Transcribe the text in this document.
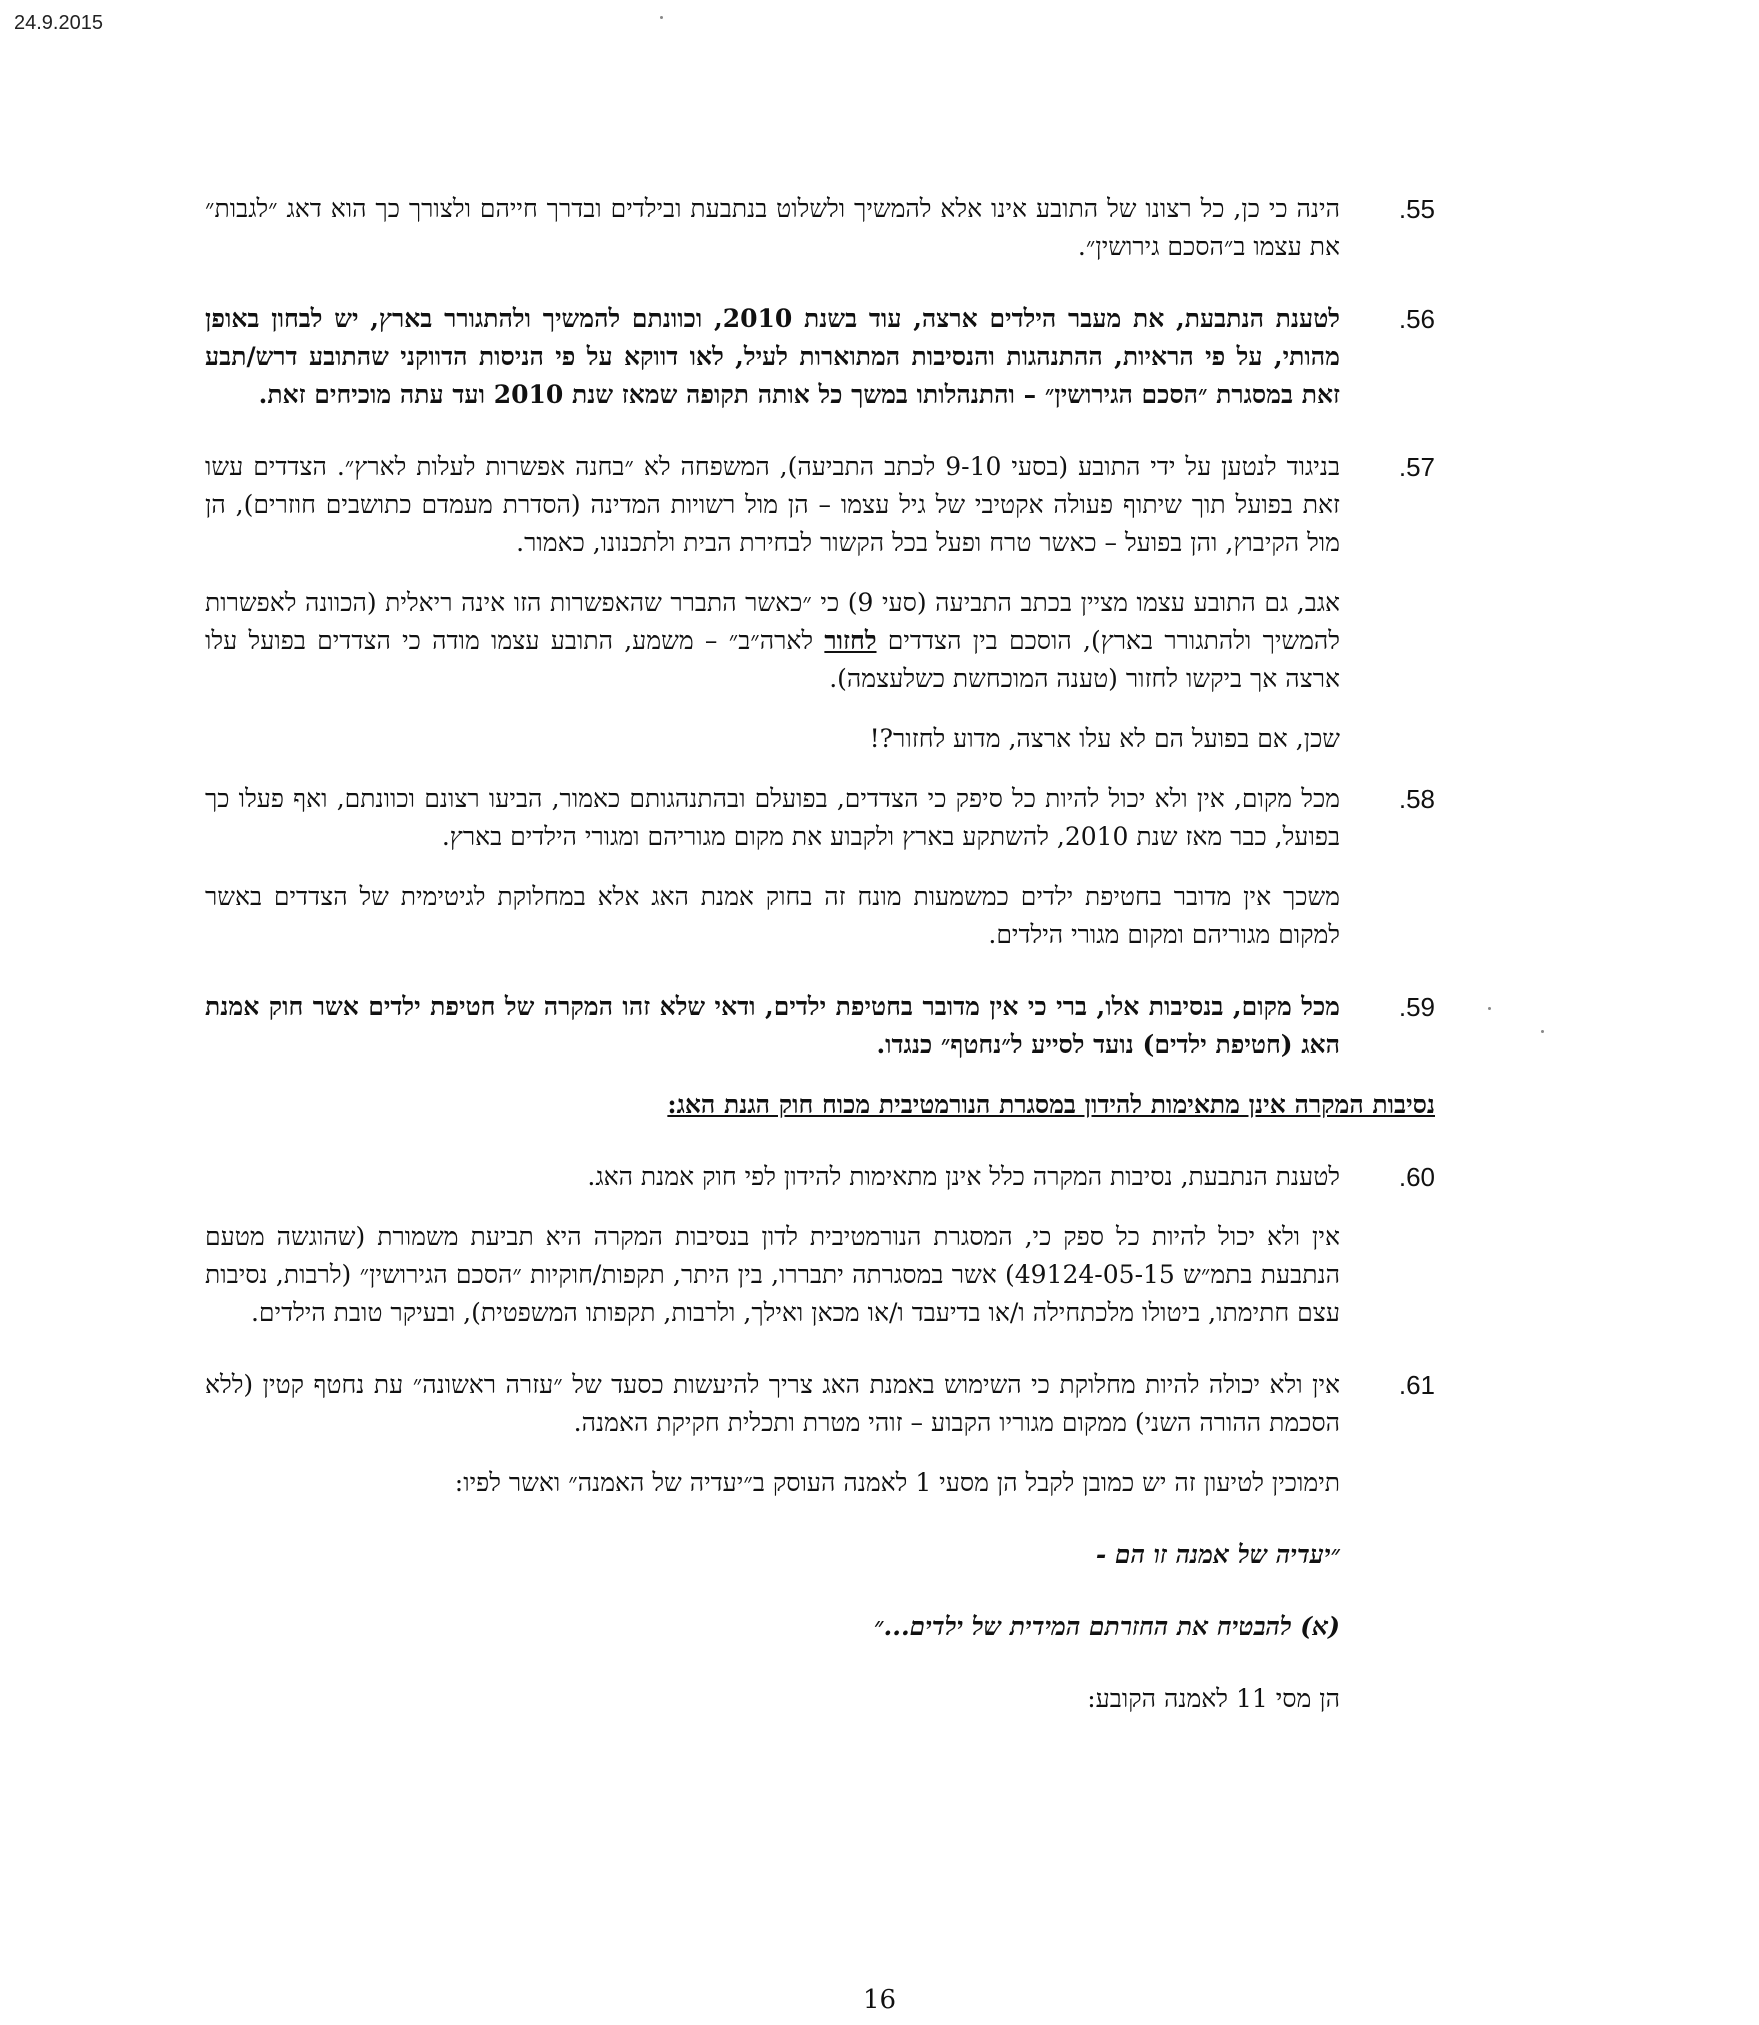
24.9.2015
.55
הינה כי כן, כל רצונו של התובע אינו אלא להמשיך ולשלוט בנתבעת ובילדים ובדרך חייהם ולצורך כך הוא דאג ״לגבות״ את עצמו ב״הסכם גירושין״.
.56
לטענת הנתבעת, את מעבר הילדים ארצה, עוד בשנת 2010, וכוונתם להמשיך ולהתגורר בארץ, יש לבחון באופן מהותי, על פי הראיות, ההתנהגות והנסיבות המתוארות לעיל, לאו דווקא על פי הניסות הדווקני שהתובע דרש/תבע זאת במסגרת ״הסכם הגירושין״ – והתנהלותו במשך כל אותה תקופה שמאז שנת 2010 ועד עתה מוכיחים זאת.
.57
בניגוד לנטען על ידי התובע (בסעי 9-10 לכתב התביעה), המשפחה לא ״בחנה אפשרות לעלות לארץ״. הצדדים עשו זאת בפועל תוך שיתוף פעולה אקטיבי של גיל עצמו – הן מול רשויות המדינה (הסדרת מעמדם כתושבים חוזרים), הן מול הקיבוץ, והן בפועל – כאשר טרח ופעל בכל הקשור לבחירת הבית ולתכנונו, כאמור.
אגב, גם התובע עצמו מציין בכתב התביעה (סעי 9) כי ״כאשר התברר שהאפשרות הזו אינה ריאלית (הכוונה לאפשרות להמשיך ולהתגורר בארץ), הוסכם בין הצדדים לחזור לארה״ב״ – משמע, התובע עצמו מודה כי הצדדים בפועל עלו ארצה אך ביקשו לחזור (טענה המוכחשת כשלעצמה).
שכן, אם בפועל הם לא עלו ארצה, מדוע לחזור?!
.58
מכל מקום, אין ולא יכול להיות כל סיפק כי הצדדים, בפועלם ובהתנהגותם כאמור, הביעו רצונם וכוונתם, ואף פעלו כך בפועל, כבר מאז שנת 2010, להשתקע בארץ ולקבוע את מקום מגוריהם ומגורי הילדים בארץ.
משכך אין מדובר בחטיפת ילדים כמשמעות מונח זה בחוק אמנת האג אלא במחלוקת לגיטימית של הצדדים באשר למקום מגוריהם ומקום מגורי הילדים.
.59
מכל מקום, בנסיבות אלו, ברי כי אין מדובר בחטיפת ילדים, ודאי שלא זהו המקרה של חטיפת ילדים אשר חוק אמנת האג (חטיפת ילדים) נועד לסייע ל״נחטף״ כנגדו.
נסיבות המקרה אינן מתאימות להידון במסגרת הנורמטיבית מכוח חוק הגנת האג:
.60
לטענת הנתבעת, נסיבות המקרה כלל אינן מתאימות להידון לפי חוק אמנת האג.
אין ולא יכול להיות כל ספק כי, המסגרת הנורמטיבית לדון בנסיבות המקרה היא תביעת משמורת (שהוגשה מטעם הנתבעת בתמ״ש 49124-05-15) אשר במסגרתה יתבררו, בין היתר, תקפות/חוקיות ״הסכם הגירושין״ (לרבות, נסיבות עצם חתימתו, ביטולו מלכתחילה ו/או בדיעבד ו/או מכאן ואילך, ולרבות, תקפותו המשפטית), ובעיקר טובת הילדים.
.61
אין ולא יכולה להיות מחלוקת כי השימוש באמנת האג צריך להיעשות כסעד של ״עזרה ראשונה״ עת נחטף קטין (ללא הסכמת ההורה השני) ממקום מגוריו הקבוע – זוהי מטרת ותכלית חקיקת האמנה.
תימוכין לטיעון זה יש כמובן לקבל הן מסעי 1 לאמנה העוסק ב״יעדיה של האמנה״ ואשר לפיו:
״יעדיה של אמנה זו הם -
(א) להבטיח את החזרתם המידית של ילדים...״
הן מסי 11 לאמנה הקובע:
16
